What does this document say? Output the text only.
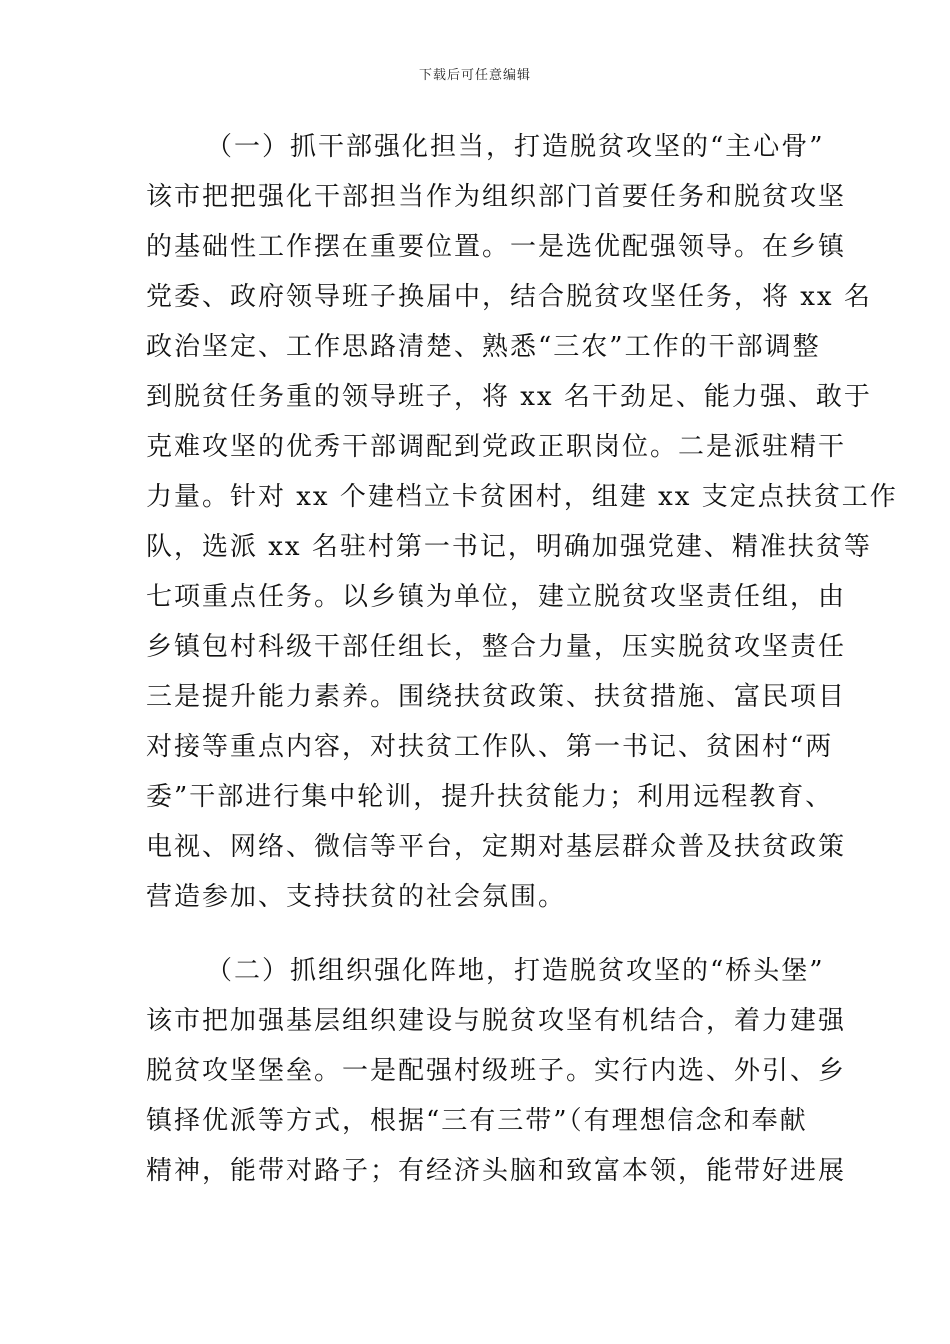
下载后可任意编辑
（一）抓干部强化担当，打造脱贫攻坚的“主心骨”
该市把把强化干部担当作为组织部门首要任务和脱贫攻坚
的基础性工作摆在重要位置。一是选优配强领导。在乡镇
党委、政府领导班子换届中，结合脱贫攻坚任务，将 xx 名
政治坚定、工作思路清楚、熟悉“三农”工作的干部调整
到脱贫任务重的领导班子，将 xx 名干劲足、能力强、敢于
克难攻坚的优秀干部调配到党政正职岗位。二是派驻精干
力量。针对 xx 个建档立卡贫困村，组建 xx 支定点扶贫工作
队，选派 xx 名驻村第一书记，明确加强党建、精准扶贫等
七项重点任务。以乡镇为单位，建立脱贫攻坚责任组，由
乡镇包村科级干部任组长，整合力量，压实脱贫攻坚责任
三是提升能力素养。围绕扶贫政策、扶贫措施、富民项目
对接等重点内容，对扶贫工作队、第一书记、贫困村“两
委”干部进行集中轮训，提升扶贫能力；利用远程教育、
电视、网络、微信等平台，定期对基层群众普及扶贫政策
营造参加、支持扶贫的社会氛围。
（二）抓组织强化阵地，打造脱贫攻坚的“桥头堡”
该市把加强基层组织建设与脱贫攻坚有机结合，着力建强
脱贫攻坚堡垒。一是配强村级班子。实行内选、外引、乡
镇择优派等方式，根据“三有三带”（有理想信念和奉献
精神，能带对路子；有经济头脑和致富本领，能带好进展
